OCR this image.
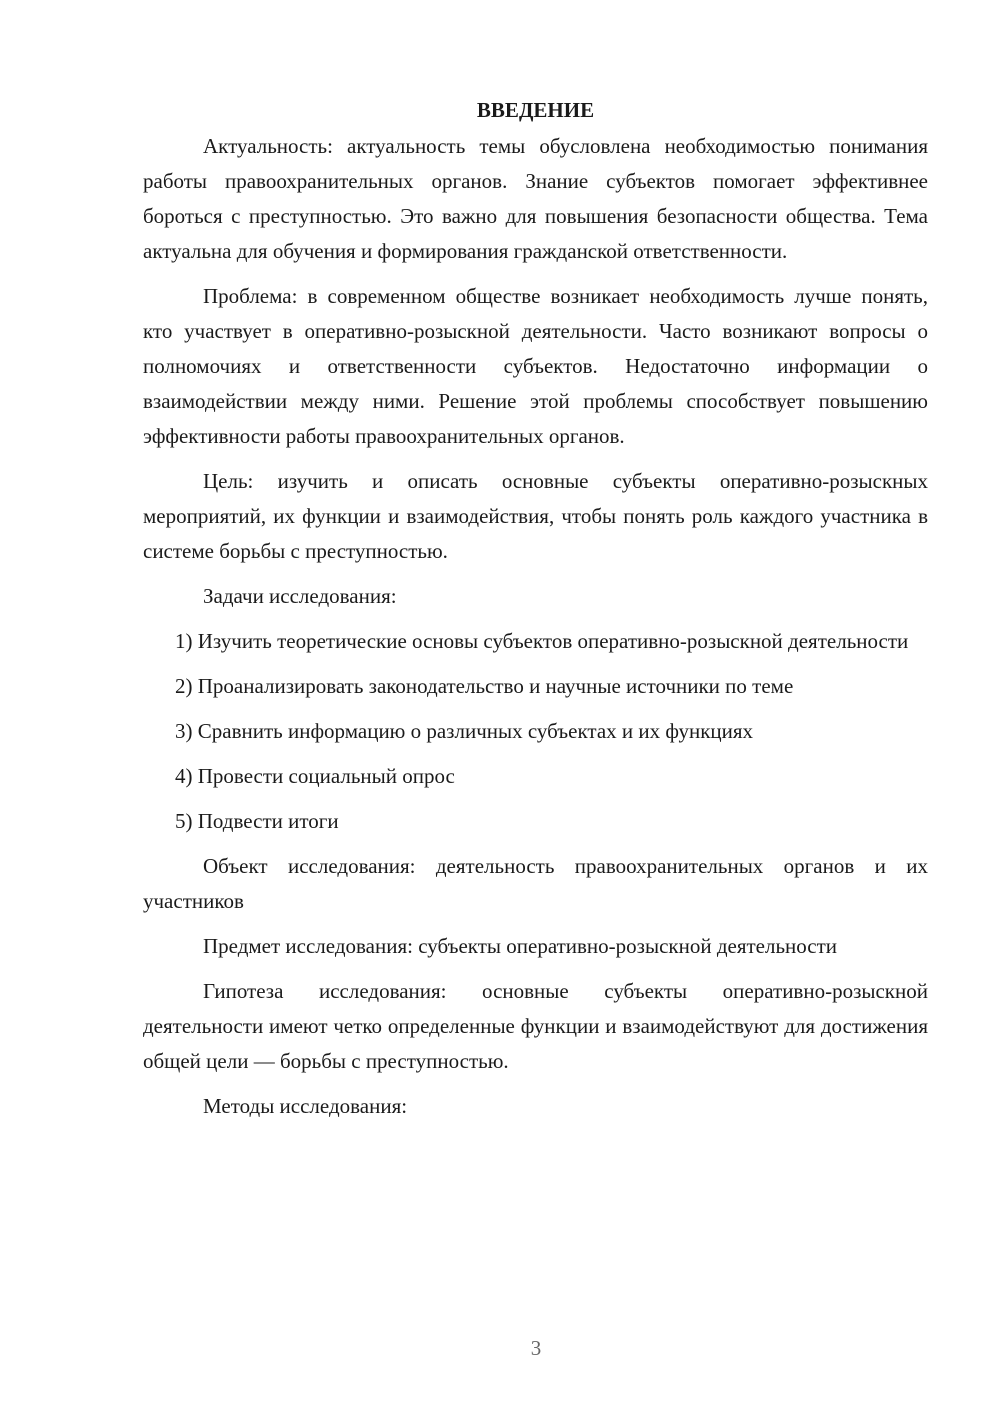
ВВЕДЕНИЕ

Актуальность: актуальность темы обусловлена необходимостью понимания работы правоохранительных органов. Знание субъектов помогает эффективнее бороться с преступностью. Это важно для повышения безопасности общества. Тема актуальна для обучения и формирования гражданской ответственности.

Проблема: в современном обществе возникает необходимость лучше понять, кто участвует в оперативно-розыскной деятельности. Часто возникают вопросы о полномочиях и ответственности субъектов. Недостаточно информации о взаимодействии между ними. Решение этой проблемы способствует повышению эффективности работы правоохранительных органов.

Цель: изучить и описать основные субъекты оперативно-розыскных мероприятий, их функции и взаимодействия, чтобы понять роль каждого участника в системе борьбы с преступностью.

Задачи исследования:

1) Изучить теоретические основы субъектов оперативно-розыскной деятельности

2) Проанализировать законодательство и научные источники по теме

3) Сравнить информацию о различных субъектах и их функциях

4) Провести социальный опрос

5) Подвести итоги

Объект исследования: деятельность правоохранительных органов и их участников

Предмет исследования: субъекты оперативно-розыскной деятельности

Гипотеза исследования: основные субъекты оперативно-розыскной деятельности имеют четко определенные функции и взаимодействуют для достижения общей цели — борьбы с преступностью.

Методы исследования:

3
